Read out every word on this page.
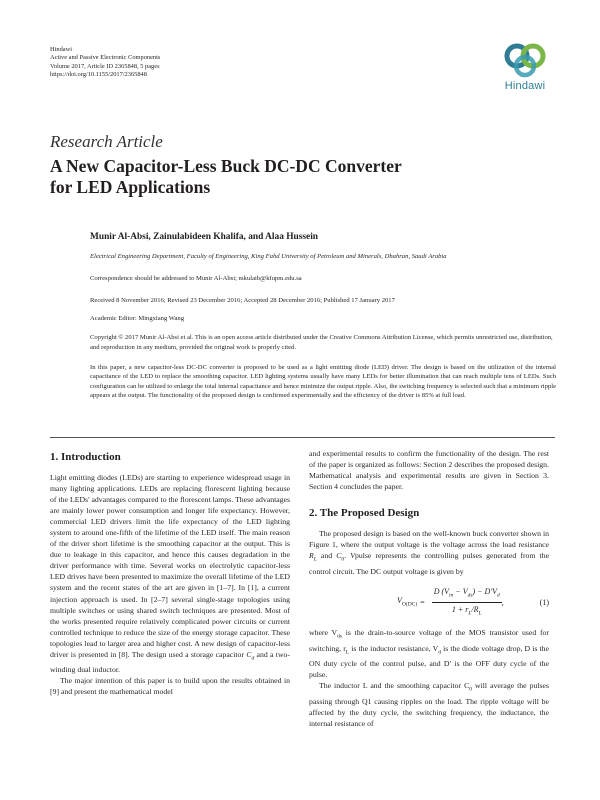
Hindawi
Active and Passive Electronic Components
Volume 2017, Article ID 2365848, 5 pages
https://doi.org/10.1155/2017/2365848
Hindawi
Research Article
A New Capacitor-Less Buck DC-DC Converter
for LED Applications
Munir Al-Absi, Zainulabideen Khalifa, and Alaa Hussein
Electrical Engineering Department, Faculty of Engineering, King Fahd University of Petroleum and Minerals, Dhahran, Saudi Arabia
Correspondence should be addressed to Munir Al-Absi; mkulaib@kfupm.edu.sa
Received 8 November 2016; Revised 23 December 2016; Accepted 28 December 2016; Published 17 January 2017
Academic Editor: Mingxiang Wang
Copyright © 2017 Munir Al-Absi et al. This is an open access article distributed under the Creative Commons Attribution License, which permits unrestricted use, distribution, and reproduction in any medium, provided the original work is properly cited.
In this paper, a new capacitor-less DC-DC converter is proposed to be used as a light emitting diode (LED) driver. The design is based on the utilization of the internal capacitance of the LED to replace the smoothing capacitor. LED lighting systems usually have many LEDs for better illumination that can reach multiple tens of LEDs. Such configuration can be utilized to enlarge the total internal capacitance and hence minimize the output ripple. Also, the switching frequency is selected such that a minimum ripple appears at the output. The functionality of the proposed design is confirmed experimentally and the efficiency of the driver is 85% at full load.
1. Introduction

Light emitting diodes (LEDs) are starting to experience widespread usage in many lighting applications. LEDs are replacing florescent lighting because of the LEDs' advantages compared to the florescent lamps. These advantages are mainly lower power consumption and longer life expectancy. However, commercial LED drivers limit the life expectancy of the LED lighting system to around one-fifth of the lifetime of the LED itself. The main reason of the driver short lifetime is the smoothing capacitor at the output. This is due to leakage in this capacitor, and hence this causes degradation in the driver performance with time. Several works on electrolytic capacitor-less LED drives have been presented to maximize the overall lifetime of the LED system and the recent states of the art are given in [1–7]. In [1], a current injection approach is used. In [2–7] several single-stage topologies using multiple switches or using shared switch techniques are presented. Most of the works presented require relatively complicated power circuits or current controlled technique to reduce the size of the energy storage capacitor. These topologies lead to larger area and higher cost. A new design of capacitor-less driver is presented in [8]. The design used a storage capacitor $C_d$ and a two-winding dual inductor.

The major intention of this paper is to build upon the results obtained in [9] and present the mathematical model

and experimental results to confirm the functionality of the design. The rest of the paper is organized as follows: Section 2 describes the proposed design. Mathematical analysis and experimental results are given in Section 3. Section 4 concludes the paper.

2. The Proposed Design

The proposed design is based on the well-known buck converter shown in Figure 1, where the output voltage is the voltage across the load resistance $R_L$ and $C_0$. Vpulse represents the controlling pulses generated from the control circuit. The DC output voltage is given by

$V_{O(DC)} = \frac{D (V_{in} - V_{ds}) - D'V_d}{1 + r_L/R_L}$ ,	(1)

where $V_{ds}$ is the drain-to-source voltage of the MOS transistor used for switching, $r_L$ is the inductor resistance, $V_d$ is the diode voltage drop, D is the ON duty cycle of the control pulse, and D′ is the OFF duty cycle of the pulse.

The inductor L and the smoothing capacitor $C_0$ will average the pulses passing through Q1 causing ripples on the load. The ripple voltage will be affected by the duty cycle, the switching frequency, the inductance, the internal resistance of
